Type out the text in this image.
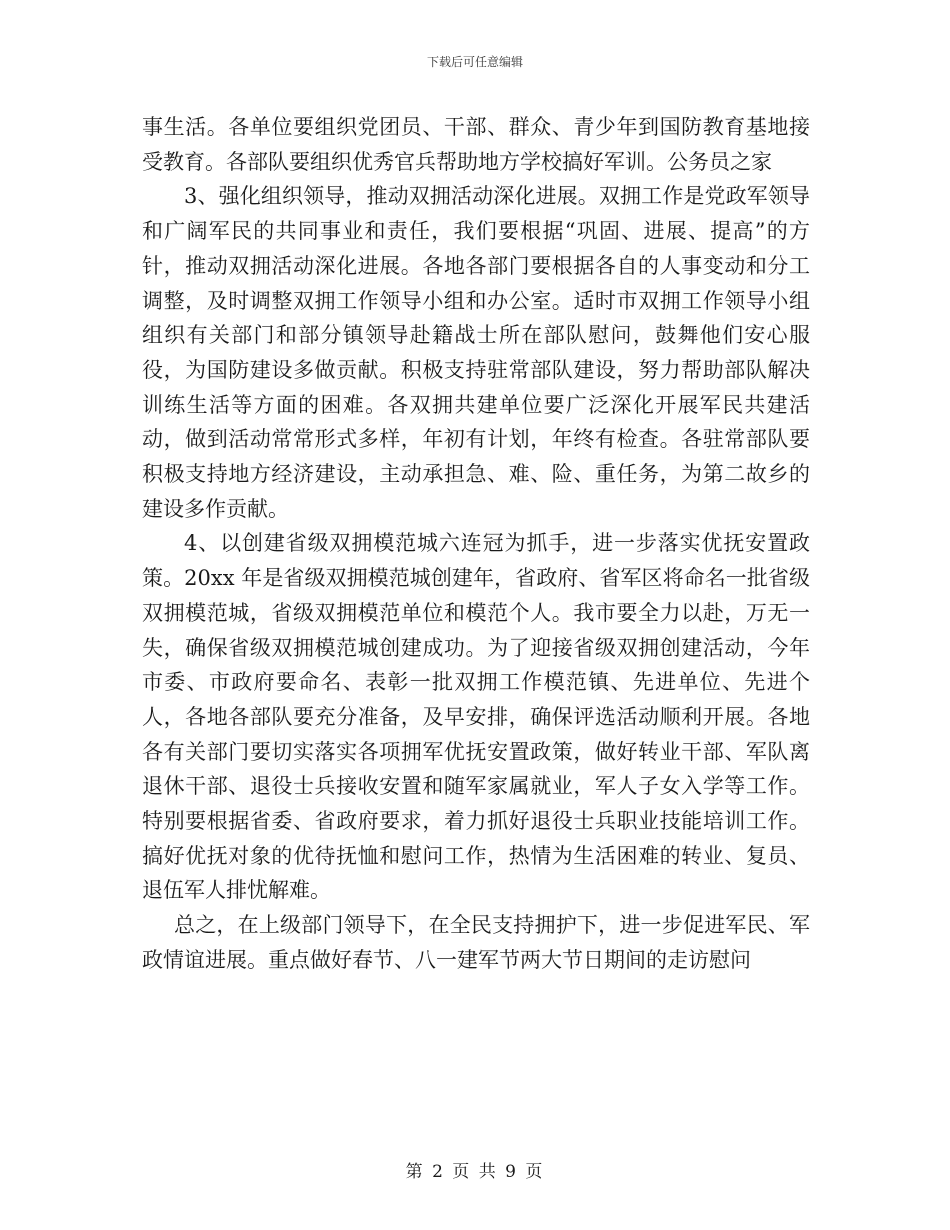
下载后可任意编辑

事生活。各单位要组织党团员、干部、群众、青少年到国防教育基地接受教育。各部队要组织优秀官兵帮助地方学校搞好军训。公务员之家

3、强化组织领导，推动双拥活动深化进展。双拥工作是党政军领导和广阔军民的共同事业和责任，我们要根据“巩固、进展、提高”的方针，推动双拥活动深化进展。各地各部门要根据各自的人事变动和分工调整，及时调整双拥工作领导小组和办公室。适时市双拥工作领导小组组织有关部门和部分镇领导赴籍战士所在部队慰问，鼓舞他们安心服役，为国防建设多做贡献。积极支持驻常部队建设，努力帮助部队解决训练生活等方面的困难。各双拥共建单位要广泛深化开展军民共建活动，做到活动常常形式多样，年初有计划，年终有检查。各驻常部队要积极支持地方经济建设，主动承担急、难、险、重任务，为第二故乡的建设多作贡献。

4、以创建省级双拥模范城六连冠为抓手，进一步落实优抚安置政策。20xx 年是省级双拥模范城创建年，省政府、省军区将命名一批省级双拥模范城，省级双拥模范单位和模范个人。我市要全力以赴，万无一失，确保省级双拥模范城创建成功。为了迎接省级双拥创建活动，今年市委、市政府要命名、表彰一批双拥工作模范镇、先进单位、先进个人，各地各部队要充分准备，及早安排，确保评选活动顺利开展。各地各有关部门要切实落实各项拥军优抚安置政策，做好转业干部、军队离退休干部、退役士兵接收安置和随军家属就业，军人子女入学等工作。特别要根据省委、省政府要求，着力抓好退役士兵职业技能培训工作。搞好优抚对象的优待抚恤和慰问工作，热情为生活困难的转业、复员、退伍军人排忧解难。

总之，在上级部门领导下，在全民支持拥护下，进一步促进军民、军政情谊进展。重点做好春节、八一建军节两大节日期间的走访慰问

第 2 页 共 9 页
